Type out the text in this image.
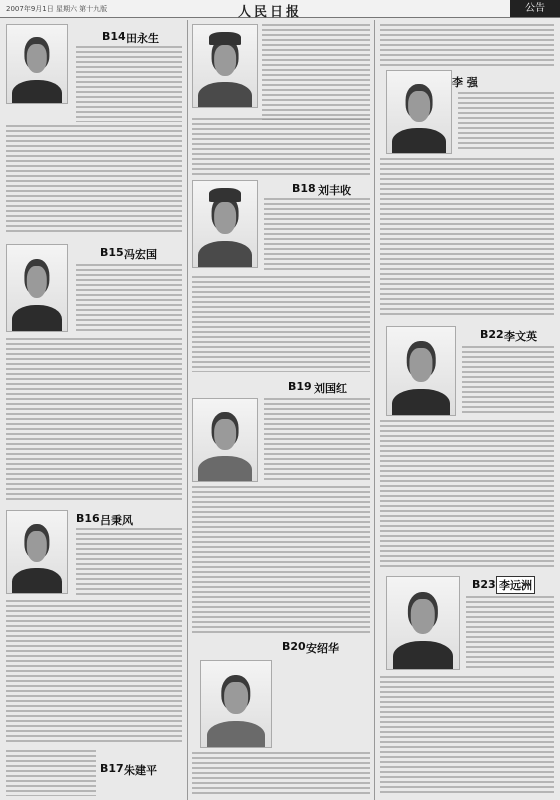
2007年9月1日 星期六 第十九版	人民日报	公告
B14 田永生
B15 冯宏国
B16 吕秉风
B17 朱建平
B18 刘丰收
B19 刘国红
B20 安绍华
李 强
B22 李文英
B23 李远洲
